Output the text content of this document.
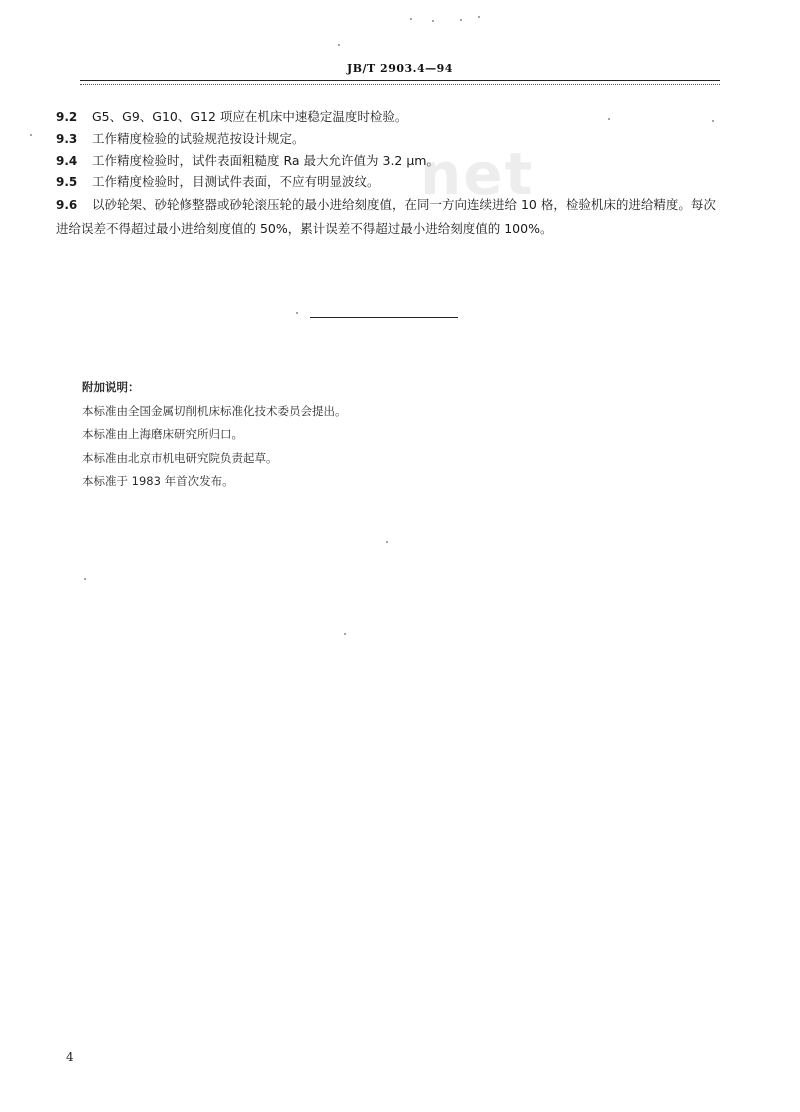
JB/T 2903.4—94
net
9.2 G5、G9、G10、G12 项应在机床中速稳定温度时检验。
9.3 工作精度检验的试验规范按设计规定。
9.4 工作精度检验时，试件表面粗糙度 Ra 最大允许值为 3.2 μm。
9.5 工作精度检验时，目测试件表面，不应有明显波纹。
9.6 以砂轮架、砂轮修整器或砂轮滚压轮的最小进给刻度值，在同一方向连续进给 10 格，检验机床的进给精度。每次进给误差不得超过最小进给刻度值的 50%，累计误差不得超过最小进给刻度值的 100%。
附加说明：
本标准由全国金属切削机床标准化技术委员会提出。
本标准由上海磨床研究所归口。
本标准由北京市机电研究院负责起草。
本标准于 1983 年首次发布。
4
